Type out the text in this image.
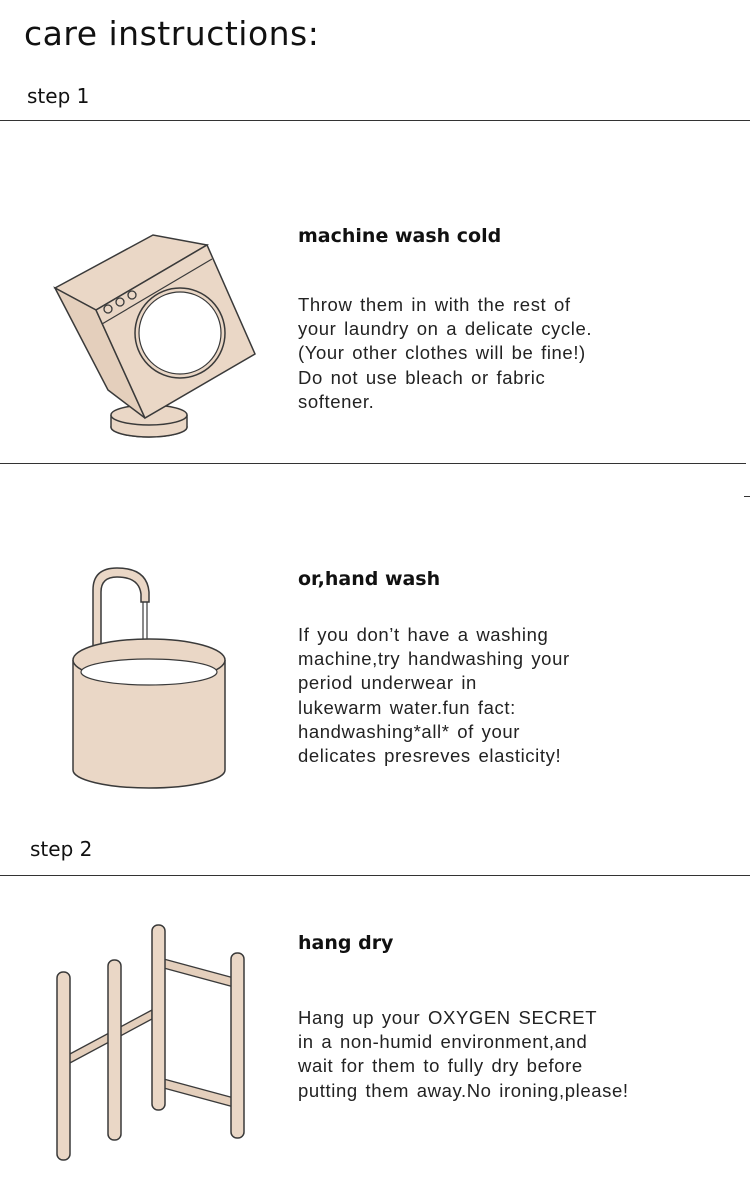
care instructions:
step 1
machine wash cold
Throw them in with the rest of
your laundry on a delicate cycle.
(Your other clothes will be fine!)
Do not use bleach or fabric
softener.
or,hand wash
If you don’t have a washing
machine,try handwashing your
period underwear in
lukewarm water.fun fact:
handwashing*all* of your
delicates presreves elasticity!
step 2
hang dry
Hang up your OXYGEN SECRET
in a non-humid environment,and
wait for them to fully dry before
putting them away.No ironing,please!
